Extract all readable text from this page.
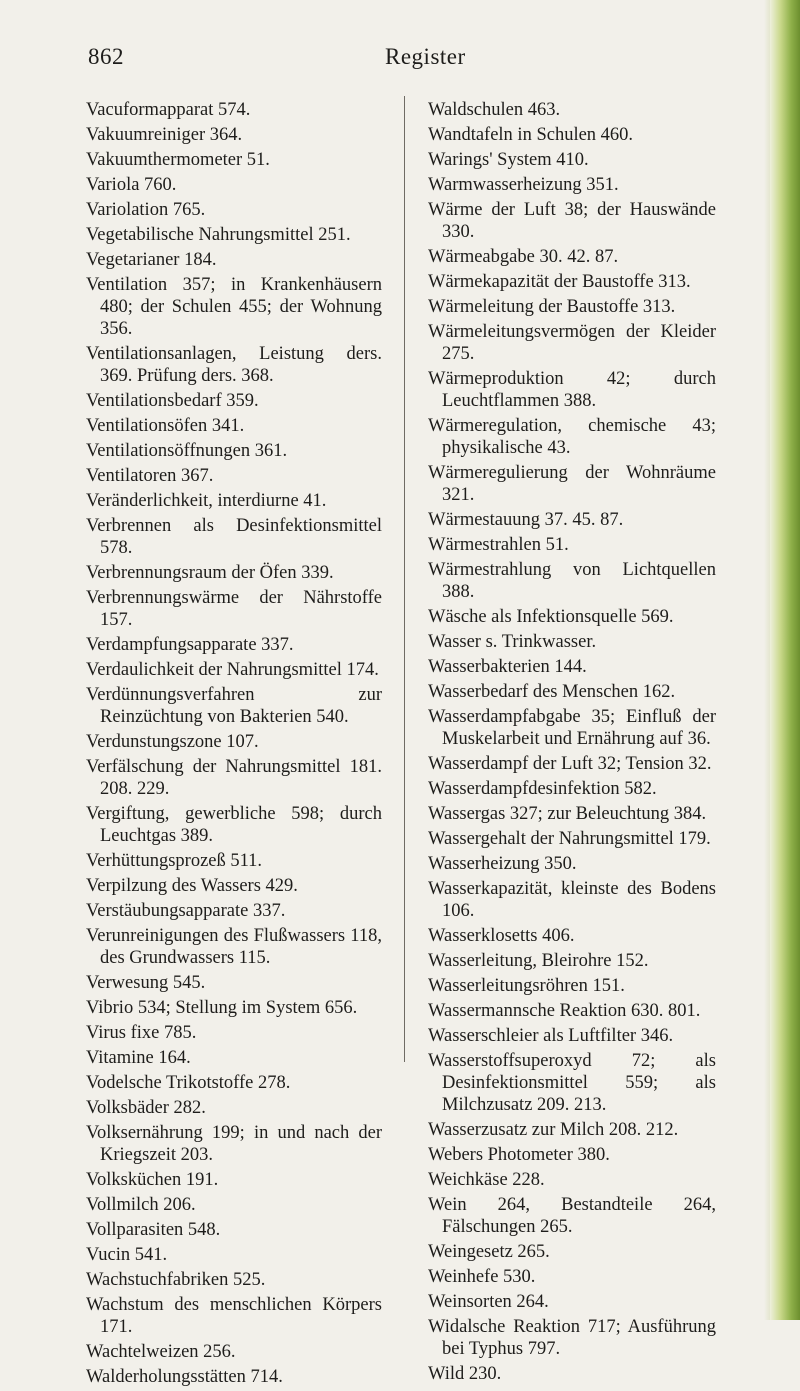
862	Register

Vacuformapparat 574.

Vakuumreiniger 364.

Vakuumthermometer 51.

Variola 760.

Variolation 765.

Vegetabilische Nahrungsmittel 251.

Vegetarianer 184.

Ventilation 357; in Krankenhäusern 480; der Schulen 455; der Wohnung 356.

Ventilationsanlagen, Leistung ders. 369. Prüfung ders. 368.

Ventilationsbedarf 359.

Ventilationsöfen 341.

Ventilationsöffnungen 361.

Ventilatoren 367.

Veränderlichkeit, interdiurne 41.

Verbrennen als Desinfektionsmittel 578.

Verbrennungsraum der Öfen 339.

Verbrennungswärme der Nährstoffe 157.

Verdampfungsapparate 337.

Verdaulichkeit der Nahrungsmittel 174.

Verdünnungsverfahren zur Reinzüchtung von Bakterien 540.

Verdunstungszone 107.

Verfälschung der Nahrungsmittel 181. 208. 229.

Vergiftung, gewerbliche 598; durch Leuchtgas 389.

Verhüttungsprozeß 511.

Verpilzung des Wassers 429.

Verstäubungsapparate 337.

Verunreinigungen des Flußwassers 118, des Grundwassers 115.

Verwesung 545.

Vibrio 534; Stellung im System 656.

Virus fixe 785.

Vitamine 164.

Vodelsche Trikotstoffe 278.

Volksbäder 282.

Volksernährung 199; in und nach der Kriegszeit 203.

Volksküchen 191.

Vollmilch 206.

Vollparasiten 548.

Vucin 541.

Wachstuchfabriken 525.

Wachstum des menschlichen Körpers 171.

Wachtelweizen 256.

Walderholungsstätten 714.

Waldschulen 463.

Wandtafeln in Schulen 460.

Warings' System 410.

Warmwasserheizung 351.

Wärme der Luft 38; der Hauswände 330.

Wärmeabgabe 30. 42. 87.

Wärmekapazität der Baustoffe 313.

Wärmeleitung der Baustoffe 313.

Wärmeleitungsvermögen der Kleider 275.

Wärmeproduktion 42; durch Leuchtflammen 388.

Wärmeregulation, chemische 43; physikalische 43.

Wärmeregulierung der Wohnräume 321.

Wärmestauung 37. 45. 87.

Wärmestrahlen 51.

Wärmestrahlung von Lichtquellen 388.

Wäsche als Infektionsquelle 569.

Wasser s. Trinkwasser.

Wasserbakterien 144.

Wasserbedarf des Menschen 162.

Wasserdampfabgabe 35; Einfluß der Muskelarbeit und Ernährung auf 36.

Wasserdampf der Luft 32; Tension 32.

Wasserdampfdesinfektion 582.

Wassergas 327; zur Beleuchtung 384.

Wassergehalt der Nahrungsmittel 179.

Wasserheizung 350.

Wasserkapazität, kleinste des Bodens 106.

Wasserklosetts 406.

Wasserleitung, Bleirohre 152.

Wasserleitungsröhren 151.

Wassermannsche Reaktion 630. 801.

Wasserschleier als Luftfilter 346.

Wasserstoffsuperoxyd 72; als Desinfektionsmittel 559; als Milchzusatz 209. 213.

Wasserzusatz zur Milch 208. 212.

Webers Photometer 380.

Weichkäse 228.

Wein 264, Bestandteile 264, Fälschungen 265.

Weingesetz 265.

Weinhefe 530.

Weinsorten 264.

Widalsche Reaktion 717; Ausführung bei Typhus 797.

Wild 230.
